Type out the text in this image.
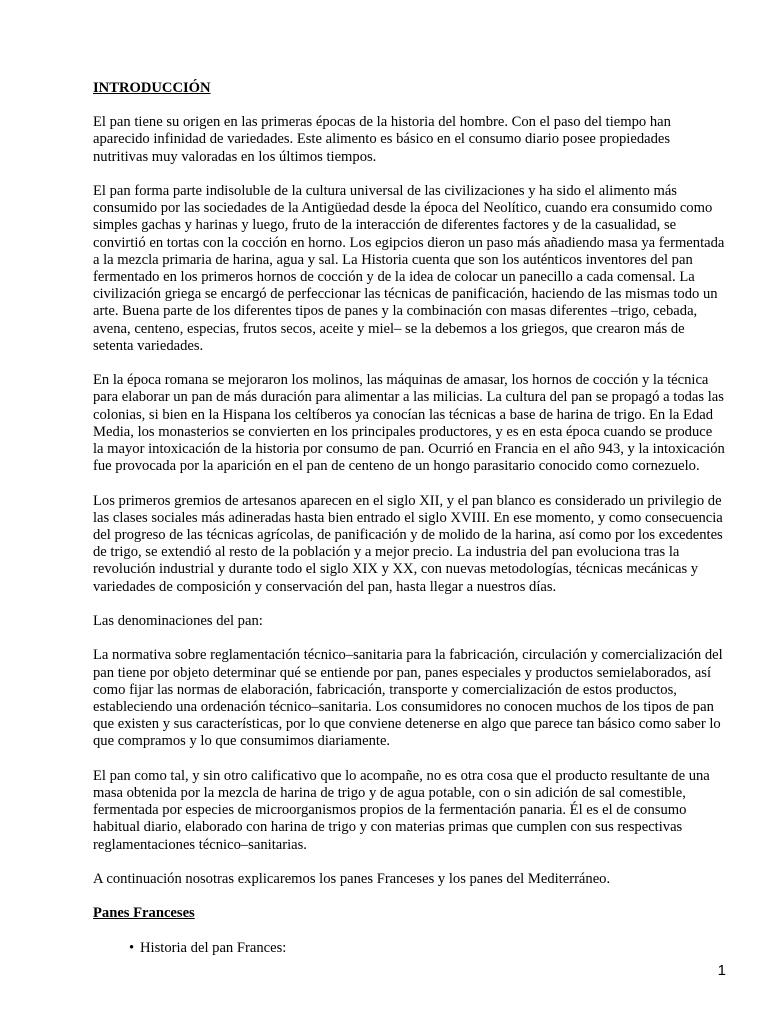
INTRODUCCIÓN

El pan tiene su origen en las primeras épocas de la historia del hombre. Con el paso del tiempo han aparecido infinidad de variedades. Este alimento es básico en el consumo diario posee propiedades nutritivas muy valoradas en los últimos tiempos.

El pan forma parte indisoluble de la cultura universal de las civilizaciones y ha sido el alimento más consumido por las sociedades de la Antigüedad desde la época del Neolítico, cuando era consumido como simples gachas y harinas y luego, fruto de la interacción de diferentes factores y de la casualidad, se convirtió en tortas con la cocción en horno. Los egipcios dieron un paso más añadiendo masa ya fermentada a la mezcla primaria de harina, agua y sal. La Historia cuenta que son los auténticos inventores del pan fermentado en los primeros hornos de cocción y de la idea de colocar un panecillo a cada comensal. La civilización griega se encargó de perfeccionar las técnicas de panificación, haciendo de las mismas todo un arte. Buena parte de los diferentes tipos de panes y la combinación con masas diferentes –trigo, cebada, avena, centeno, especias, frutos secos, aceite y miel– se la debemos a los griegos, que crearon más de setenta variedades.

En la época romana se mejoraron los molinos, las máquinas de amasar, los hornos de cocción y la técnica para elaborar un pan de más duración para alimentar a las milicias. La cultura del pan se propagó a todas las colonias, si bien en la Hispana los celtíberos ya conocían las técnicas a base de harina de trigo. En la Edad Media, los monasterios se convierten en los principales productores, y es en esta época cuando se produce la mayor intoxicación de la historia por consumo de pan. Ocurrió en Francia en el año 943, y la intoxicación fue provocada por la aparición en el pan de centeno de un hongo parasitario conocido como cornezuelo.

Los primeros gremios de artesanos aparecen en el siglo XII, y el pan blanco es considerado un privilegio de las clases sociales más adineradas hasta bien entrado el siglo XVIII. En ese momento, y como consecuencia del progreso de las técnicas agrícolas, de panificación y de molido de la harina, así como por los excedentes de trigo, se extendió al resto de la población y a mejor precio. La industria del pan evoluciona tras la revolución industrial y durante todo el siglo XIX y XX, con nuevas metodologías, técnicas mecánicas y variedades de composición y conservación del pan, hasta llegar a nuestros días.

Las denominaciones del pan:

La normativa sobre reglamentación técnico–sanitaria para la fabricación, circulación y comercialización del pan tiene por objeto determinar qué se entiende por pan, panes especiales y productos semielaborados, así como fijar las normas de elaboración, fabricación, transporte y comercialización de estos productos, estableciendo una ordenación técnico–sanitaria. Los consumidores no conocen muchos de los tipos de pan que existen y sus características, por lo que conviene detenerse en algo que parece tan básico como saber lo que compramos y lo que consumimos diariamente.

El pan como tal, y sin otro calificativo que lo acompañe, no es otra cosa que el producto resultante de una masa obtenida por la mezcla de harina de trigo y de agua potable, con o sin adición de sal comestible, fermentada por especies de microorganismos propios de la fermentación panaria. Él es el de consumo habitual diario, elaborado con harina de trigo y con materias primas que cumplen con sus respectivas reglamentaciones técnico–sanitarias.

A continuación nosotras explicaremos los panes Franceses y los panes del Mediterráneo.

Panes Franceses

• Historia del pan Frances:
1
